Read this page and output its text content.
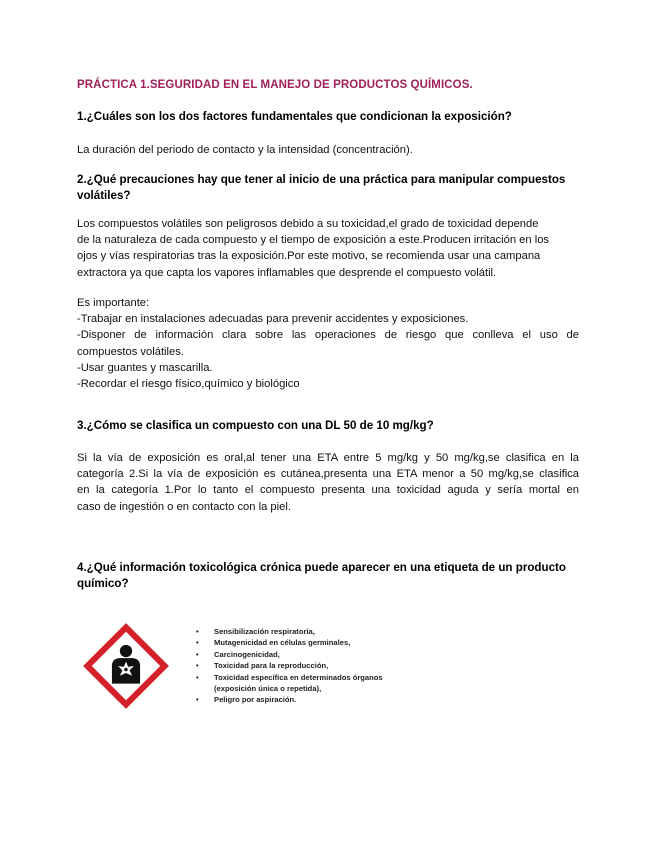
PRÁCTICA 1.SEGURIDAD EN EL MANEJO DE PRODUCTOS QUÍMICOS.
1.¿Cuáles son los dos factores fundamentales que condicionan la exposición?
La duración del periodo de contacto y la intensidad (concentración).
2.¿Qué precauciones hay que tener al inicio de una práctica para manipular compuestos
volátiles?
Los compuestos volátiles son peligrosos debido a su toxicidad,el grado de toxicidad depende
de la naturaleza de cada compuesto y el tiempo de exposición a este.Producen irritación en los
ojos y vías respiratorias tras la exposición.Por este motivo, se recomienda usar una campana
extractora ya que capta los vapores inflamables que desprende el compuesto volátil.
Es importante:
-Trabajar en instalaciones adecuadas para prevenir accidentes y exposiciones.
-Disponer de información clara sobre las operaciones de riesgo que conlleva el uso de
compuestos volátiles.
-Usar guantes y mascarilla.
-Recordar el riesgo físico,químico y biológico
3.¿Cómo se clasifica un compuesto con una DL 50 de 10 mg/kg?
Si la vía de exposición es oral,al tener una ETA entre 5 mg/kg y 50 mg/kg,se clasifica en la
categoría 2.Si la vía de exposición es cutánea,presenta una ETA menor a 50 mg/kg,se clasifica
en la categoría 1.Por lo tanto el compuesto presenta una toxicidad aguda y sería mortal en
caso de ingestión o en contacto con la piel.
4.¿Qué información toxicológica crónica puede aparecer en una etiqueta de un producto
químico?
• Sensibilización respiratoria,
• Mutagenicidad en células germinales,
• Carcinogenicidad,
• Toxicidad para la reproducción,
• Toxicidad específica en determinados órganos
(exposición única o repetida),
• Peligro por aspiración.
